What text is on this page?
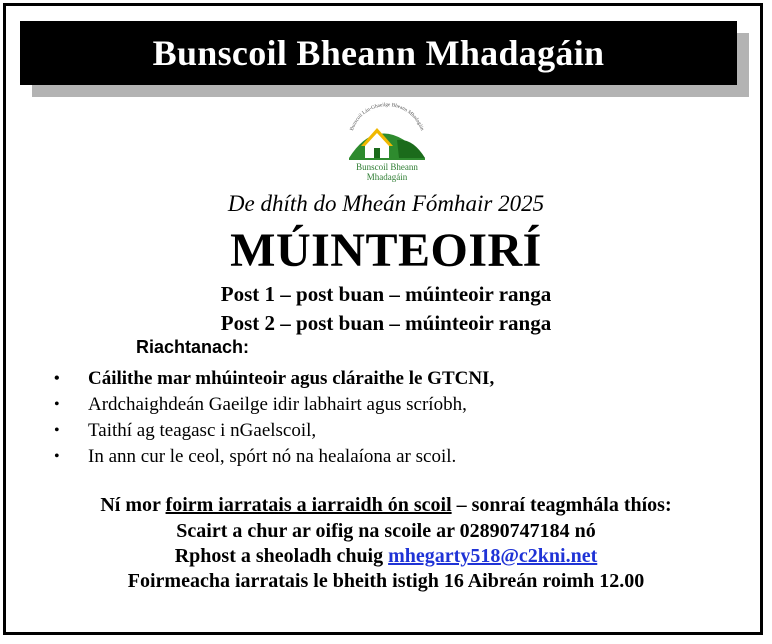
Bunscoil Bheann Mhadagáin
Bunscoil Lán-Ghaeilge Bheann Mhadagáin
Bunscoil Bheann
Mhadagáin
De dhíth do Mheán Fómhair 2025
MÚINTEOIRÍ
Post 1 – post buan – múinteoir ranga
Post 2 – post buan – múinteoir ranga
Riachtanach:
• Cáilithe mar mhúinteoir agus cláraithe le GTCNI,
• Ardchaighdeán Gaeilge idir labhairt agus scríobh,
• Taithí ag teagasc i nGaelscoil,
• In ann cur le ceol, spórt nó na healaíona ar scoil.
Ní mor foirm iarratais a iarraidh ón scoil – sonraí teagmhála thíos:
Scairt a chur ar oifig na scoile ar 02890747184 nó
Rphost a sheoladh chuig mhegarty518@c2kni.net
Foirmeacha iarratais le bheith istigh 16 Aibreán roimh 12.00
